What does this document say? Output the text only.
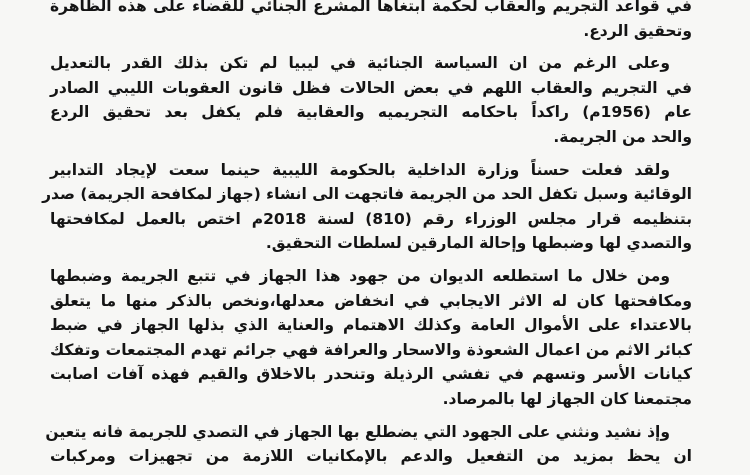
في قواعد التجريم والعقاب لحكمة ابتغاها المشرع الجنائي للقضاء على هذه الظاهرة
وتحقيق الردع.
وعلى الرغم من ان السياسة الجنائية في ليبيا لم تكن بذلك القدر بالتعديل
في التجريم والعقاب اللهم في بعض الحالات فظل قانون العقوبات الليبي الصادر
عام (1956م) راكداً باحكامه التجريميه والعقابية فلم يكفل بعد تحقيق الردع
والحد من الجريمة.
ولقد فعلت حسناً وزارة الداخلية بالحكومة الليبية حينما سعت لإيجاد التدابير
الوقائية وسبل تكفل الحد من الجريمة فاتجهت الى انشاء (جهاز لمكافحة الجريمة) صدر
بتنظيمه قرار مجلس الوزراء رقم (810) لسنة 2018م اختص بالعمل لمكافحتها
والتصدي لها وضبطها وإحالة المارقين لسلطات التحقيق.
ومن خلال ما استطلعه الديوان من جهود هذا الجهاز في تتبع الجريمة وضبطها
ومكافحتها كان له الاثر الايجابي في انخفاض معدلها،ونخص بالذكر منها ما يتعلق
بالاعتداء على الأموال العامة وكذلك الاهتمام والعناية الذي بذلها الجهاز في ضبط
كبائر الاثم من اعمال الشعوذة والاسحار والعرافة فهي جرائم تهدم المجتمعات وتفكك
كيانات الأسر وتسهم في تفشي الرذيلة وتنحدر بالاخلاق والقيم فهذه آفات اصابت
مجتمعنا كان الجهاز لها بالمرصاد.
وإذ نشيد ونثني على الجهود التي يضطلع بها الجهاز في التصدي للجريمة فانه يتعين
ان يحظ بمزيد من التفعيل والدعم بالإمكانيات اللازمة من تجهيزات ومركبات
